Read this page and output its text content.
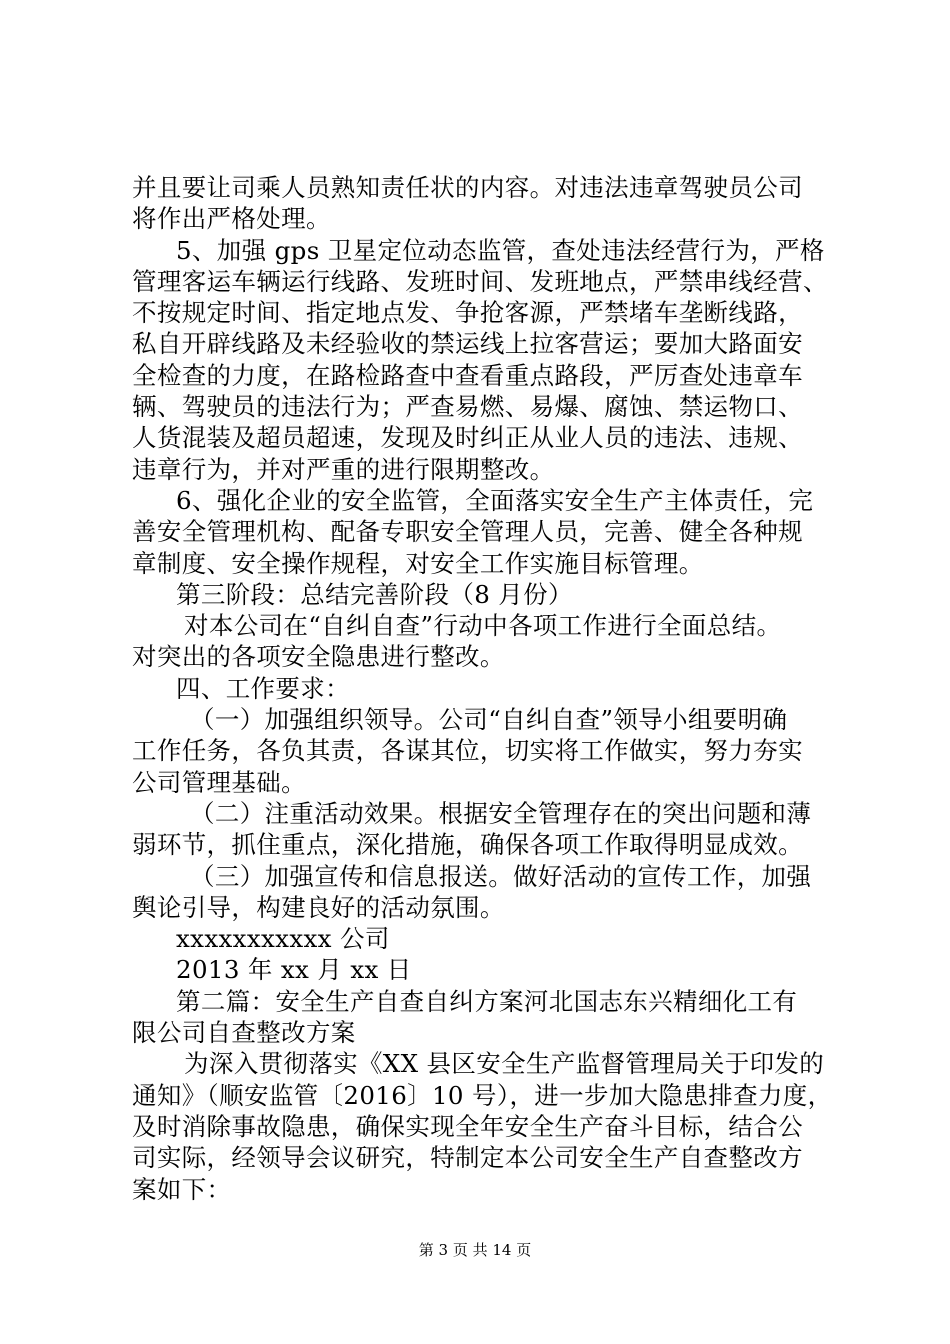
并且要让司乘人员熟知责任状的内容。对违法违章驾驶员公司
将作出严格处理。
5、加强 gps 卫星定位动态监管，查处违法经营行为，严格
管理客运车辆运行线路、发班时间、发班地点，严禁串线经营、
不按规定时间、指定地点发、争抢客源，严禁堵车垄断线路，
私自开辟线路及未经验收的禁运线上拉客营运；要加大路面安
全检查的力度，在路检路查中查看重点路段，严厉查处违章车
辆、驾驶员的违法行为；严查易燃、易爆、腐蚀、禁运物口、
人货混装及超员超速，发现及时纠正从业人员的违法、违规、
违章行为，并对严重的进行限期整改。
6、强化企业的安全监管，全面落实安全生产主体责任，完
善安全管理机构、配备专职安全管理人员，完善、健全各种规
章制度、安全操作规程，对安全工作实施目标管理。
第三阶段：总结完善阶段（8 月份）
对本公司在“自纠自查”行动中各项工作进行全面总结。
对突出的各项安全隐患进行整改。
四、工作要求：
（一）加强组织领导。公司“自纠自查”领导小组要明确
工作任务，各负其责，各谋其位，切实将工作做实，努力夯实
公司管理基础。
（二）注重活动效果。根据安全管理存在的突出问题和薄
弱环节，抓住重点，深化措施，确保各项工作取得明显成效。
（三）加强宣传和信息报送。做好活动的宣传工作，加强
舆论引导，构建良好的活动氛围。
xxxxxxxxxxx 公司
2013 年 xx 月 xx 日
第二篇：安全生产自查自纠方案河北国志东兴精细化工有
限公司自查整改方案
为深入贯彻落实《XX 县区安全生产监督管理局关于印发的
通知》（顺安监管〔2016〕10 号），进一步加大隐患排查力度，
及时消除事故隐患，确保实现全年安全生产奋斗目标，结合公
司实际，经领导会议研究，特制定本公司安全生产自查整改方
案如下：
第 3 页 共 14 页
